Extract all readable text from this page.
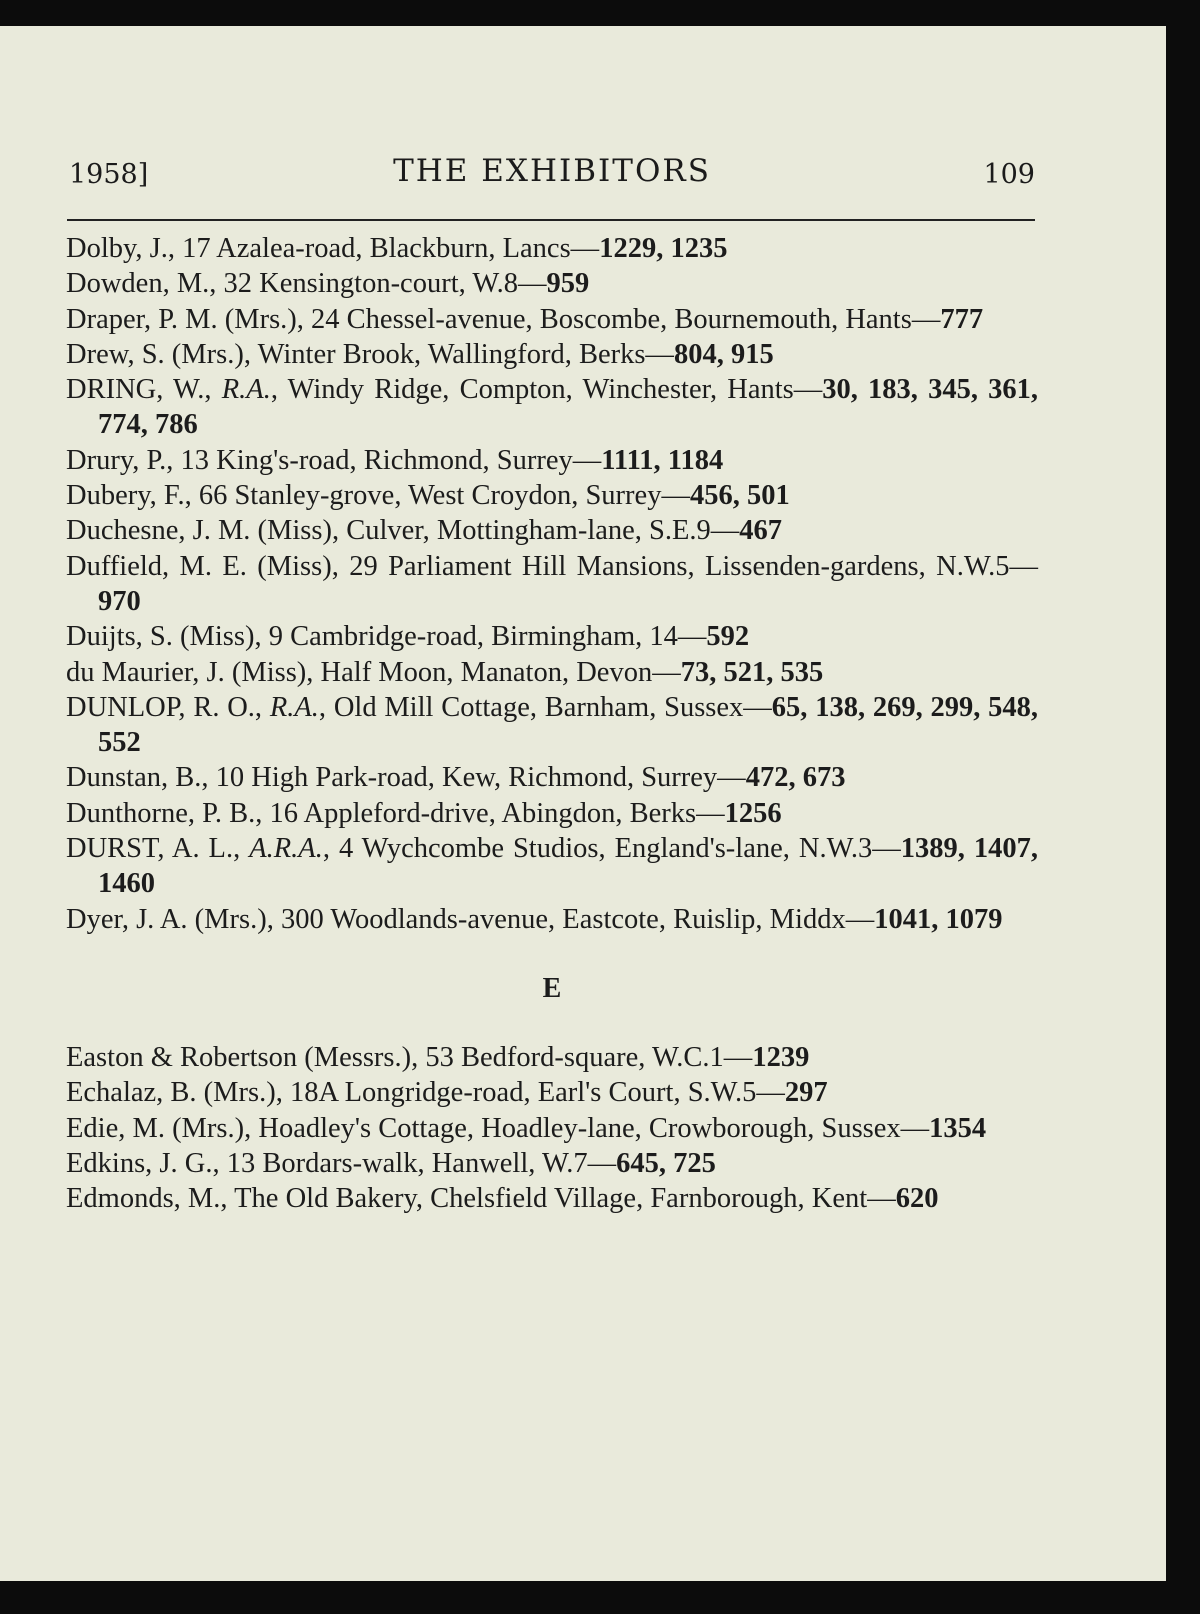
1958]	THE EXHIBITORS	109
Dolby, J., 17 Azalea-road, Blackburn, Lancs—1229, 1235
Dowden, M., 32 Kensington-court, W.8—959
Draper, P. M. (Mrs.), 24 Chessel-avenue, Boscombe, Bournemouth, Hants—777
Drew, S. (Mrs.), Winter Brook, Wallingford, Berks—804, 915
DRING, W., R.A., Windy Ridge, Compton, Winchester, Hants—30, 183, 345, 361, 774, 786
Drury, P., 13 King's-road, Richmond, Surrey—1111, 1184
Dubery, F., 66 Stanley-grove, West Croydon, Surrey—456, 501
Duchesne, J. M. (Miss), Culver, Mottingham-lane, S.E.9—467
Duffield, M. E. (Miss), 29 Parliament Hill Mansions, Lissenden-gardens, N.W.5—970
Duijts, S. (Miss), 9 Cambridge-road, Birmingham, 14—592
du Maurier, J. (Miss), Half Moon, Manaton, Devon—73, 521, 535
DUNLOP, R. O., R.A., Old Mill Cottage, Barnham, Sussex—65, 138, 269, 299, 548, 552
Dunstan, B., 10 High Park-road, Kew, Richmond, Surrey—472, 673
Dunthorne, P. B., 16 Appleford-drive, Abingdon, Berks—1256
DURST, A. L., A.R.A., 4 Wychcombe Studios, England's-lane, N.W.3—1389, 1407, 1460
Dyer, J. A. (Mrs.), 300 Woodlands-avenue, Eastcote, Ruislip, Middx—1041, 1079
E
Easton & Robertson (Messrs.), 53 Bedford-square, W.C.1—1239
Echalaz, B. (Mrs.), 18A Longridge-road, Earl's Court, S.W.5—297
Edie, M. (Mrs.), Hoadley's Cottage, Hoadley-lane, Crowborough, Sussex—1354
Edkins, J. G., 13 Bordars-walk, Hanwell, W.7—645, 725
Edmonds, M., The Old Bakery, Chelsfield Village, Farnborough, Kent—620
